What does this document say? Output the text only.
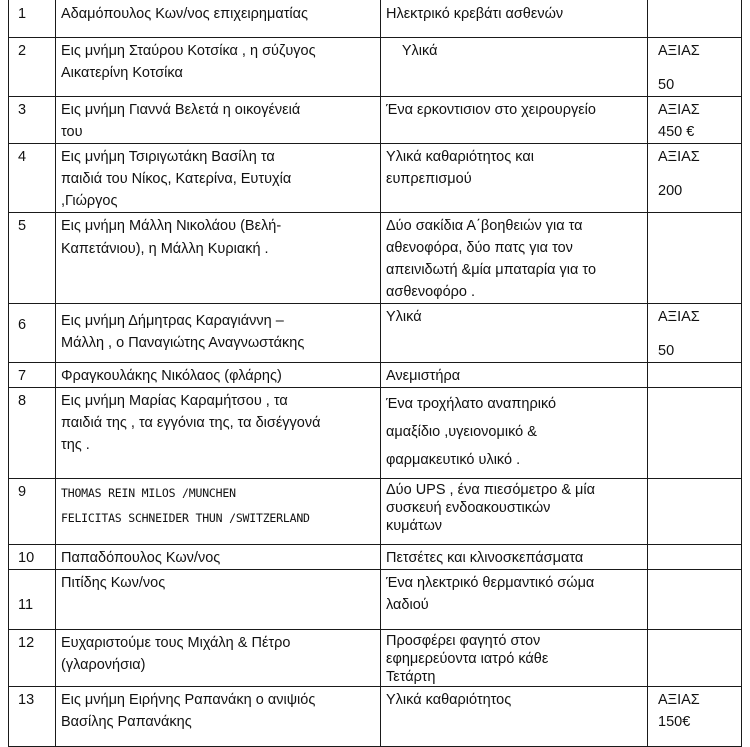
1	Αδαμόπουλος Κων/νος επιχειρηματίας	Ηλεκτρικό κρεβάτι ασθενών	

2	Εις μνήμη Σταύρου Κοτσίκα , η σύζυγος
Αικατερίνη Κοτσίκα	Υλικά	ΑΞΙΑΣ
50

3	Εις μνήμη Γιαννά Βελετά η οικογένειά
του	Ένα ερκοντισιον στο χειρουργείο	ΑΞΙΑΣ
450 €

4	Εις μνήμη Τσιριγωτάκη Βασίλη τα
παιδιά του Νίκος, Κατερίνα, Ευτυχία
,Γιώργος	Υλικά καθαριότητος και
ευπρεπισμού	ΑΞΙΑΣ
200

5	Εις μνήμη Μάλλη Νικολάου (Βελή-
Καπετάνιου), η Μάλλη Κυριακή .	Δύο σακίδια Α΄βοηθειών για τα
αθενοφόρα, δύο πατς για τον
απεινιδωτή &μία μπαταρία για το
ασθενοφόρο .	

6	Εις μνήμη Δήμητρας Καραγιάννη –
Μάλλη , ο Παναγιώτης Αναγνωστάκης	Υλικά	ΑΞΙΑΣ
50

7	Φραγκουλάκης Νικόλαος (φλάρης)	Ανεμιστήρα	

8	Εις μνήμη Μαρίας Καραμήτσου , τα
παιδιά της , τα εγγόνια της, τα δισέγγονά
της .	Ένα τροχήλατο αναπηρικό
αμαξίδιο ,υγειονομικό &
φαρμακευτικό υλικό .	

9	THOMAS REIN MILOS /MUNCHEN
FELICITAS SCHNEIDER THUN /SWITZERLAND	Δύο UPS , ένα πιεσόμετρο & μία
συσκευή ενδοακουστικών
κυμάτων	

10	Παπαδόπουλος Κων/νος	Πετσέτες και κλινοσκεπάσματα	

11	Πιτίδης Κων/νος	Ένα ηλεκτρικό θερμαντικό σώμα
λαδιού	

12	Ευχαριστούμε τους Μιχάλη & Πέτρο
(γλαρονήσια)	Προσφέρει φαγητό στον
εφημερεύοντα ιατρό κάθε
Τετάρτη	

13	Εις μνήμη Ειρήνης Ραπανάκη ο ανιψιός
Βασίλης Ραπανάκης	Υλικά καθαριότητος	ΑΞΙΑΣ
150€
